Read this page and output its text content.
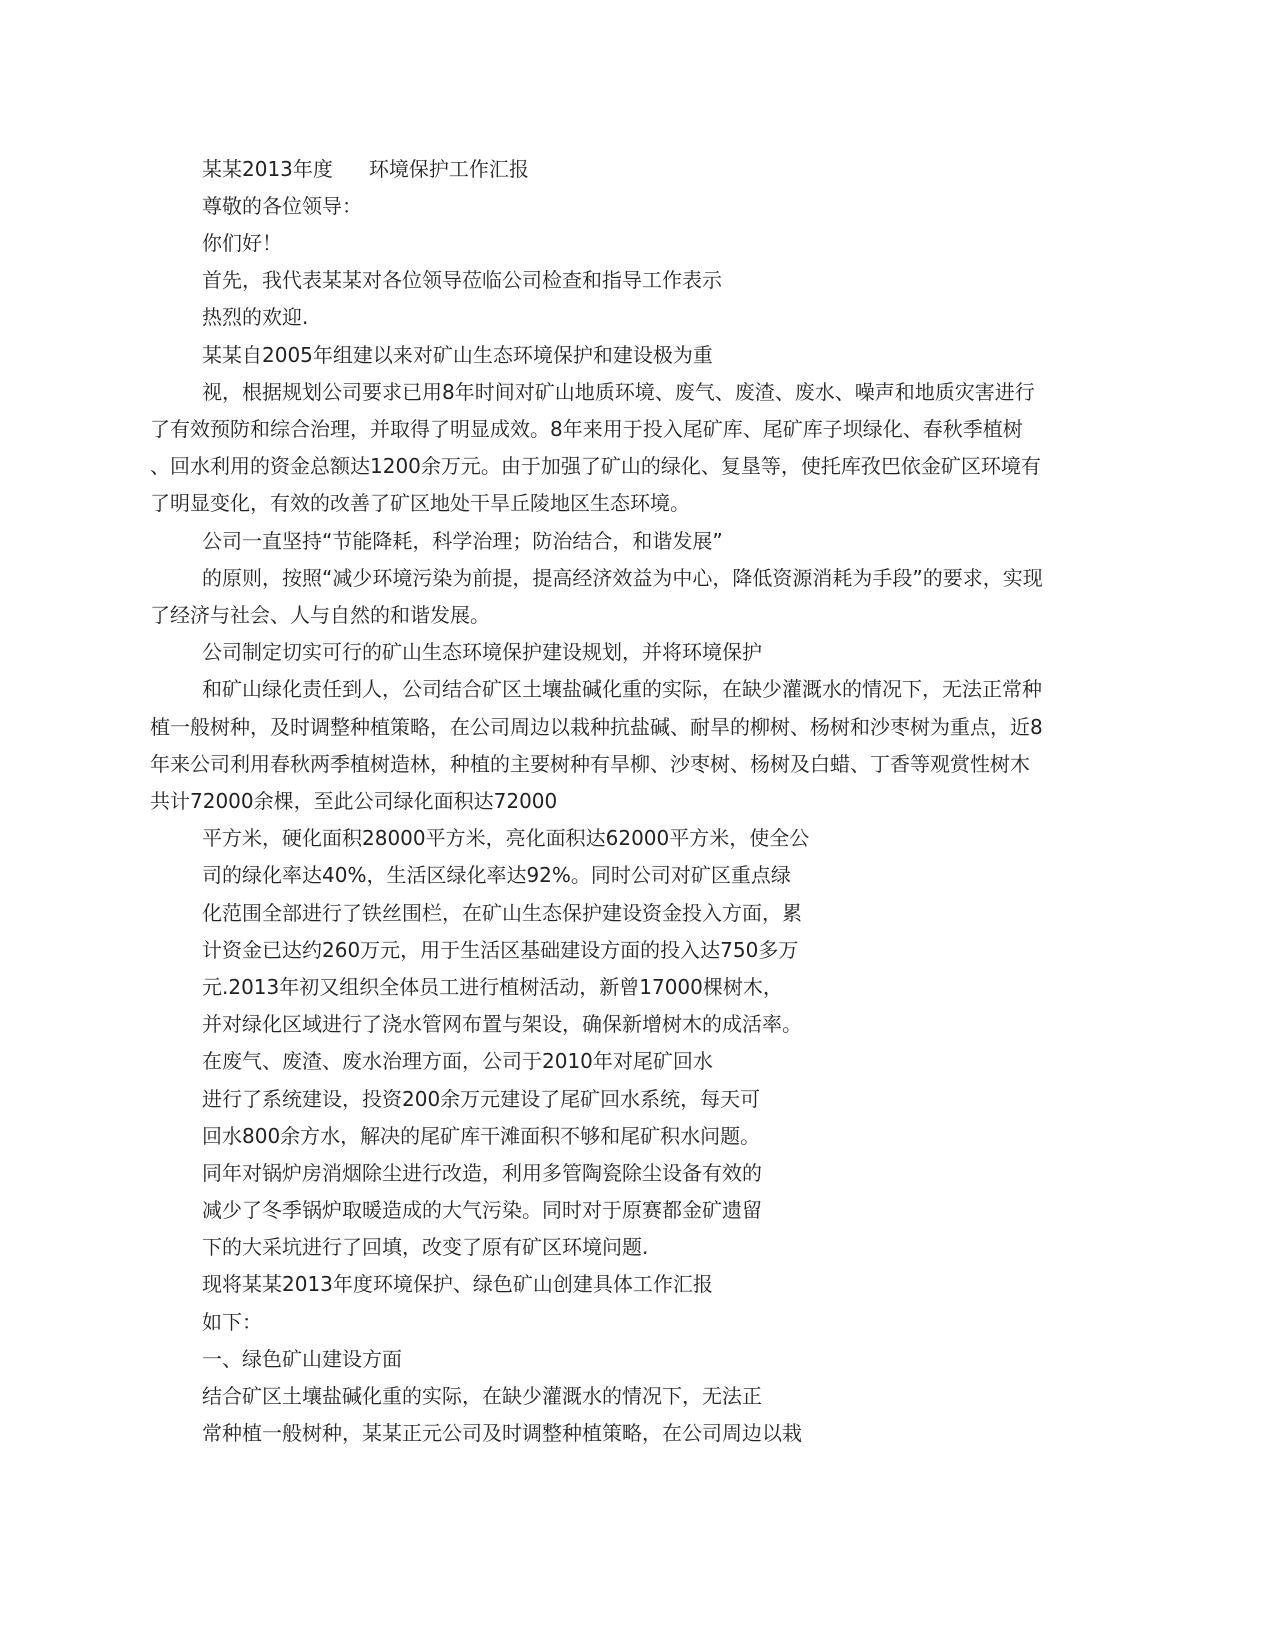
某某2013年度 环境保护工作汇报
尊敬的各位领导：
你们好！
首先，我代表某某对各位领导莅临公司检查和指导工作表示
热烈的欢迎.
某某自2005年组建以来对矿山生态环境保护和建设极为重
视，根据规划公司要求已用8年时间对矿山地质环境、废气、废渣、废水、噪声和地质灾害进行
了有效预防和综合治理，并取得了明显成效。8年来用于投入尾矿库、尾矿库子坝绿化、春秋季植树
、回水利用的资金总额达1200余万元。由于加强了矿山的绿化、复垦等，使托库孜巴依金矿区环境有
了明显变化，有效的改善了矿区地处干旱丘陵地区生态环境。
公司一直坚持“节能降耗，科学治理；防治结合，和谐发展”
的原则，按照“减少环境污染为前提，提高经济效益为中心，降低资源消耗为手段”的要求，实现
了经济与社会、人与自然的和谐发展。
公司制定切实可行的矿山生态环境保护建设规划，并将环境保护
和矿山绿化责任到人，公司结合矿区土壤盐碱化重的实际，在缺少灌溉水的情况下，无法正常种
植一般树种，及时调整种植策略，在公司周边以栽种抗盐碱、耐旱的柳树、杨树和沙枣树为重点，近8
年来公司利用春秋两季植树造林，种植的主要树种有旱柳、沙枣树、杨树及白蜡、丁香等观赏性树木
共计72000余棵，至此公司绿化面积达72000
平方米，硬化面积28000平方米，亮化面积达62000平方米，使全公
司的绿化率达40%，生活区绿化率达92%。同时公司对矿区重点绿
化范围全部进行了铁丝围栏，在矿山生态保护建设资金投入方面，累
计资金已达约260万元，用于生活区基础建设方面的投入达750多万
元.2013年初又组织全体员工进行植树活动，新曾17000棵树木，
并对绿化区域进行了浇水管网布置与架设，确保新增树木的成活率。
在废气、废渣、废水治理方面，公司于2010年对尾矿回水
进行了系统建设，投资200余万元建设了尾矿回水系统，每天可
回水800余方水，解决的尾矿库干滩面积不够和尾矿积水问题。
同年对锅炉房消烟除尘进行改造，利用多管陶瓷除尘设备有效的
减少了冬季锅炉取暖造成的大气污染。同时对于原赛都金矿遗留
下的大采坑进行了回填，改变了原有矿区环境问题.
现将某某2013年度环境保护、绿色矿山创建具体工作汇报
如下：
一、绿色矿山建设方面
结合矿区土壤盐碱化重的实际，在缺少灌溉水的情况下，无法正
常种植一般树种，某某正元公司及时调整种植策略，在公司周边以栽
